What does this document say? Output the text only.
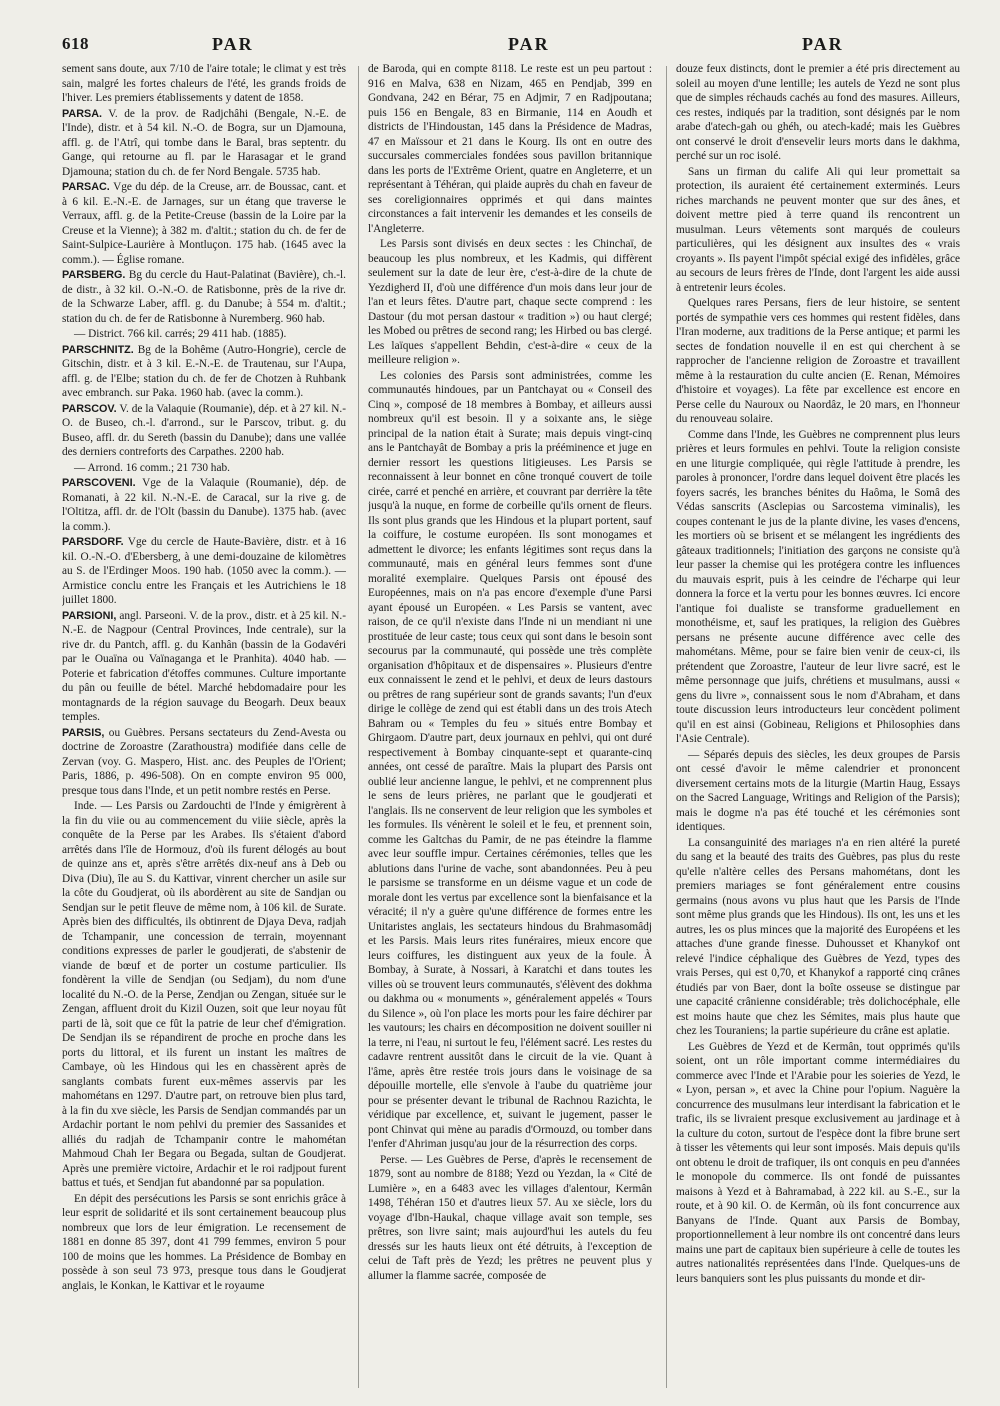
618	PAR	PAR	PAR

sement sans doute, aux 7/10 de l'aire totale; le climat y est très sain, malgré les fortes chaleurs de l'été, les grands froids de l'hiver. Les premiers établissements y datent de 1858.

PARSA. V. de la prov. de Radjchâhi (Bengale, N.-E. de l'Inde), distr. et à 54 kil. N.-O. de Bogra, sur un Djamouna, affl. g. de l'Atrî, qui tombe dans le Baral, bras septentr. du Gange, qui retourne au fl. par le Harasagar et le grand Djamouna; station du ch. de fer Nord Bengale. 5735 hab.

PARSAC. Vge du dép. de la Creuse, arr. de Boussac, cant. et à 6 kil. E.-N.-E. de Jarnages, sur un étang que traverse le Verraux, affl. g. de la Petite-Creuse (bassin de la Loire par la Creuse et la Vienne); à 382 m. d'altit.; station du ch. de fer de Saint-Sulpice-Laurière à Montluçon. 175 hab. (1645 avec la comm.). — Église romane.

PARSBERG. Bg du cercle du Haut-Palatinat (Bavière), ch.-l. de distr., à 32 kil. O.-N.-O. de Ratisbonne, près de la rive dr. de la Schwarze Laber, affl. g. du Danube; à 554 m. d'altit.; station du ch. de fer de Ratisbonne à Nuremberg. 960 hab.

— District. 766 kil. carrés; 29 411 hab. (1885).

PARSCHNITZ. Bg de la Bohême (Autro-Hongrie), cercle de Gitschin, distr. et à 3 kil. E.-N.-E. de Trautenau, sur l'Aupa, affl. g. de l'Elbe; station du ch. de fer de Chotzen à Ruhbank avec embranch. sur Paka. 1960 hab. (avec la comm.).

PARSCOV. V. de la Valaquie (Roumanie), dép. et à 27 kil. N.-O. de Buseo, ch.-l. d'arrond., sur le Parscov, tribut. g. du Buseo, affl. dr. du Sereth (bassin du Danube); dans une vallée des derniers contreforts des Carpathes. 2200 hab.

— Arrond. 16 comm.; 21 730 hab.

PARSCOVENI. Vge de la Valaquie (Roumanie), dép. de Romanati, à 22 kil. N.-N.-E. de Caracal, sur la rive g. de l'Oltitza, affl. dr. de l'Olt (bassin du Danube). 1375 hab. (avec la comm.).

PARSDORF. Vge du cercle de Haute-Bavière, distr. et à 16 kil. O.-N.-O. d'Ebersberg, à une demi-douzaine de kilomètres au S. de l'Erdinger Moos. 190 hab. (1050 avec la comm.). — Armistice conclu entre les Français et les Autrichiens le 18 juillet 1800.

PARSIONI, angl. Parseoni. V. de la prov., distr. et à 25 kil. N.-N.-E. de Nagpour (Central Provinces, Inde centrale), sur la rive dr. du Pantch, affl. g. du Kanhân (bassin de la Godavéri par le Ouaïna ou Vaïnaganga et le Pranhita). 4040 hab. — Poterie et fabrication d'étoffes communes. Culture importante du pân ou feuille de bétel. Marché hebdomadaire pour les montagnards de la région sauvage du Beogarh. Deux beaux temples.

PARSIS, ou Guèbres. Persans sectateurs du Zend-Avesta ou doctrine de Zoroastre (Zarathoustra) modifiée dans celle de Zervan (voy. G. Maspero, Hist. anc. des Peuples de l'Orient; Paris, 1886, p. 496-508). On en compte environ 95 000, presque tous dans l'Inde, et un petit nombre restés en Perse.

Inde. — Les Parsis ou Zardouchti de l'Inde y émigrèrent à la fin du viie ou au commencement du viiie siècle, après la conquête de la Perse par les Arabes. Ils s'étaient d'abord arrêtés dans l'île de Hormouz, d'où ils furent délogés au bout de quinze ans et, après s'être arrêtés dix-neuf ans à Deb ou Diva (Diu), île au S. du Kattivar, vinrent chercher un asile sur la côte du Goudjerat, où ils abordèrent au site de Sandjan ou Sendjan sur le petit fleuve de même nom, à 106 kil. de Surate. Après bien des difficultés, ils obtinrent de Djaya Deva, radjah de Tchampanir, une concession de terrain, moyennant conditions expresses de parler le goudjerati, de s'abstenir de viande de bœuf et de porter un costume particulier. Ils fondèrent la ville de Sendjan (ou Sedjam), du nom d'une localité du N.-O. de la Perse, Zendjan ou Zengan, située sur le Zengan, affluent droit du Kizil Ouzen, soit que leur noyau fût parti de là, soit que ce fût la patrie de leur chef d'émigration. De Sendjan ils se répandirent de proche en proche dans les ports du littoral, et ils furent un instant les maîtres de Cambaye, où les Hindous qui les en chassèrent après de sanglants combats furent eux-mêmes asservis par les mahométans en 1297. D'autre part, on retrouve bien plus tard, à la fin du xve siècle, les Parsis de Sendjan commandés par un Ardachir portant le nom pehlvi du premier des Sassanides et alliés du radjah de Tchampanir contre le mahométan Mahmoud Chah Ier Begara ou Begada, sultan de Goudjerat. Après une première victoire, Ardachir et le roi radjpout furent battus et tués, et Sendjan fut abandonné par sa population.

En dépit des persécutions les Parsis se sont enrichis grâce à leur esprit de solidarité et ils sont certainement beaucoup plus nombreux que lors de leur émigration. Le recensement de 1881 en donne 85 397, dont 41 799 femmes, environ 5 pour 100 de moins que les hommes. La Présidence de Bombay en possède à son seul 73 973, presque tous dans le Goudjerat anglais, le Konkan, le Kattivar et le royaume

de Baroda, qui en compte 8118. Le reste est un peu partout : 916 en Malva, 638 en Nizam, 465 en Pendjab, 399 en Gondvana, 242 en Bérar, 75 en Adjmir, 7 en Radjpoutana; puis 156 en Bengale, 83 en Birmanie, 114 en Aoudh et districts de l'Hindoustan, 145 dans la Présidence de Madras, 47 en Maïssour et 21 dans le Kourg. Ils ont en outre des succursales commerciales fondées sous pavillon britannique dans les ports de l'Extrême Orient, quatre en Angleterre, et un représentant à Téhéran, qui plaide auprès du chah en faveur de ses coreligionnaires opprimés et qui dans maintes circonstances a fait intervenir les demandes et les conseils de l'Angleterre.

Les Parsis sont divisés en deux sectes : les Chinchaï, de beaucoup les plus nombreux, et les Kadmis, qui diffèrent seulement sur la date de leur ère, c'est-à-dire de la chute de Yezdigherd II, d'où une différence d'un mois dans leur jour de l'an et leurs fêtes. D'autre part, chaque secte comprend : les Dastour (du mot persan dastour « tradition ») ou haut clergé; les Mobed ou prêtres de second rang; les Hirbed ou bas clergé. Les laïques s'appellent Behdin, c'est-à-dire « ceux de la meilleure religion ».

Les colonies des Parsis sont administrées, comme les communautés hindoues, par un Pantchayat ou « Conseil des Cinq », composé de 18 membres à Bombay, et ailleurs aussi nombreux qu'il est besoin. Il y a soixante ans, le siège principal de la nation était à Surate; mais depuis vingt-cinq ans le Pantchayât de Bombay a pris la prééminence et juge en dernier ressort les questions litigieuses. Les Parsis se reconnaissent à leur bonnet en cône tronqué couvert de toile cirée, carré et penché en arrière, et couvrant par derrière la tête jusqu'à la nuque, en forme de corbeille qu'ils ornent de fleurs. Ils sont plus grands que les Hindous et la plupart portent, sauf la coiffure, le costume européen. Ils sont monogames et admettent le divorce; les enfants légitimes sont reçus dans la communauté, mais en général leurs femmes sont d'une moralité exemplaire. Quelques Parsis ont épousé des Européennes, mais on n'a pas encore d'exemple d'une Parsi ayant épousé un Européen. « Les Parsis se vantent, avec raison, de ce qu'il n'existe dans l'Inde ni un mendiant ni une prostituée de leur caste; tous ceux qui sont dans le besoin sont secourus par la communauté, qui possède une très complète organisation d'hôpitaux et de dispensaires ». Plusieurs d'entre eux connaissent le zend et le pehlvi, et deux de leurs dastours ou prêtres de rang supérieur sont de grands savants; l'un d'eux dirige le collège de zend qui est établi dans un des trois Atech Bahram ou « Temples du feu » situés entre Bombay et Ghirgaom. D'autre part, deux journaux en pehlvi, qui ont duré respectivement à Bombay cinquante-sept et quarante-cinq années, ont cessé de paraître. Mais la plupart des Parsis ont oublié leur ancienne langue, le pehlvi, et ne comprennent plus le sens de leurs prières, ne parlant que le goudjerati et l'anglais. Ils ne conservent de leur religion que les symboles et les formules. Ils vénèrent le soleil et le feu, et prennent soin, comme les Galtchas du Pamir, de ne pas éteindre la flamme avec leur souffle impur. Certaines cérémonies, telles que les ablutions dans l'urine de vache, sont abandonnées. Peu à peu le parsisme se transforme en un déisme vague et un code de morale dont les vertus par excellence sont la bienfaisance et la véracité; il n'y a guère qu'une différence de formes entre les Unitaristes anglais, les sectateurs hindous du Brahmasomâdj et les Parsis. Mais leurs rites funéraires, mieux encore que leurs coiffures, les distinguent aux yeux de la foule. À Bombay, à Surate, à Nossari, à Karatchi et dans toutes les villes où se trouvent leurs communautés, s'élèvent des dokhma ou dakhma ou « monuments », généralement appelés « Tours du Silence », où l'on place les morts pour les faire déchirer par les vautours; les chairs en décomposition ne doivent souiller ni la terre, ni l'eau, ni surtout le feu, l'élément sacré. Les restes du cadavre rentrent aussitôt dans le circuit de la vie. Quant à l'âme, après être restée trois jours dans le voisinage de sa dépouille mortelle, elle s'envole à l'aube du quatrième jour pour se présenter devant le tribunal de Rachnou Razichta, le véridique par excellence, et, suivant le jugement, passer le pont Chinvat qui mène au paradis d'Ormouzd, ou tomber dans l'enfer d'Ahriman jusqu'au jour de la résurrection des corps.

Perse. — Les Guèbres de Perse, d'après le recensement de 1879, sont au nombre de 8188; Yezd ou Yezdan, la « Cité de Lumière », en a 6483 avec les villages d'alentour, Kermân 1498, Téhéran 150 et d'autres lieux 57. Au xe siècle, lors du voyage d'Ibn-Haukal, chaque village avait son temple, ses prêtres, son livre saint; mais aujourd'hui les autels du feu dressés sur les hauts lieux ont été détruits, à l'exception de celui de Taft près de Yezd; les prêtres ne peuvent plus y allumer la flamme sacrée, composée de

douze feux distincts, dont le premier a été pris directement au soleil au moyen d'une lentille; les autels de Yezd ne sont plus que de simples réchauds cachés au fond des masures. Ailleurs, ces restes, indiqués par la tradition, sont désignés par le nom arabe d'atech-gah ou ghéh, ou atech-kadé; mais les Guèbres ont conservé le droit d'ensevelir leurs morts dans le dakhma, perché sur un roc isolé.

Sans un firman du calife Ali qui leur promettait sa protection, ils auraient été certainement exterminés. Leurs riches marchands ne peuvent monter que sur des ânes, et doivent mettre pied à terre quand ils rencontrent un musulman. Leurs vêtements sont marqués de couleurs particulières, qui les désignent aux insultes des « vrais croyants ». Ils payent l'impôt spécial exigé des infidèles, grâce au secours de leurs frères de l'Inde, dont l'argent les aide aussi à entretenir leurs écoles.

Quelques rares Persans, fiers de leur histoire, se sentent portés de sympathie vers ces hommes qui restent fidèles, dans l'Iran moderne, aux traditions de la Perse antique; et parmi les sectes de fondation nouvelle il en est qui cherchent à se rapprocher de l'ancienne religion de Zoroastre et travaillent même à la restauration du culte ancien (E. Renan, Mémoires d'histoire et voyages). La fête par excellence est encore en Perse celle du Nauroux ou Naordâz, le 20 mars, en l'honneur du renouveau solaire.

Comme dans l'Inde, les Guèbres ne comprennent plus leurs prières et leurs formules en pehlvi. Toute la religion consiste en une liturgie compliquée, qui règle l'attitude à prendre, les paroles à prononcer, l'ordre dans lequel doivent être placés les foyers sacrés, les branches bénites du Haôma, le Somâ des Védas sanscrits (Asclepias ou Sarcostema viminalis), les coupes contenant le jus de la plante divine, les vases d'encens, les mortiers où se brisent et se mélangent les ingrédients des gâteaux traditionnels; l'initiation des garçons ne consiste qu'à leur passer la chemise qui les protégera contre les influences du mauvais esprit, puis à les ceindre de l'écharpe qui leur donnera la force et la vertu pour les bonnes œuvres. Ici encore l'antique foi dualiste se transforme graduellement en monothéisme, et, sauf les pratiques, la religion des Guèbres persans ne présente aucune différence avec celle des mahométans. Même, pour se faire bien venir de ceux-ci, ils prétendent que Zoroastre, l'auteur de leur livre sacré, est le même personnage que juifs, chrétiens et musulmans, aussi « gens du livre », connaissent sous le nom d'Abraham, et dans toute discussion leurs introducteurs leur concèdent poliment qu'il en est ainsi (Gobineau, Religions et Philosophies dans l'Asie Centrale).

— Séparés depuis des siècles, les deux groupes de Parsis ont cessé d'avoir le même calendrier et prononcent diversement certains mots de la liturgie (Martin Haug, Essays on the Sacred Language, Writings and Religion of the Parsis); mais le dogme n'a pas été touché et les cérémonies sont identiques.

La consanguinité des mariages n'a en rien altéré la pureté du sang et la beauté des traits des Guèbres, pas plus du reste qu'elle n'altère celles des Persans mahométans, dont les premiers mariages se font généralement entre cousins germains (nous avons vu plus haut que les Parsis de l'Inde sont même plus grands que les Hindous). Ils ont, les uns et les autres, les os plus minces que la majorité des Européens et les attaches d'une grande finesse. Duhousset et Khanykof ont relevé l'indice céphalique des Guèbres de Yezd, types des vrais Perses, qui est 0,70, et Khanykof a rapporté cinq crânes étudiés par von Baer, dont la boîte osseuse se distingue par une capacité crânienne considérable; très dolichocéphale, elle est moins haute que chez les Sémites, mais plus haute que chez les Touraniens; la partie supérieure du crâne est aplatie.

Les Guèbres de Yezd et de Kermân, tout opprimés qu'ils soient, ont un rôle important comme intermédiaires du commerce avec l'Inde et l'Arabie pour les soieries de Yezd, le « Lyon, persan », et avec la Chine pour l'opium. Naguère la concurrence des musulmans leur interdisant la fabrication et le trafic, ils se livraient presque exclusivement au jardinage et à la culture du coton, surtout de l'espèce dont la fibre brune sert à tisser les vêtements qui leur sont imposés. Mais depuis qu'ils ont obtenu le droit de trafiquer, ils ont conquis en peu d'années le monopole du commerce. Ils ont fondé de puissantes maisons à Yezd et à Bahramabad, à 222 kil. au S.-E., sur la route, et à 90 kil. O. de Kermân, où ils font concurrence aux Banyans de l'Inde. Quant aux Parsis de Bombay, proportionnellement à leur nombre ils ont concentré dans leurs mains une part de capitaux bien supérieure à celle de toutes les autres nationalités représentées dans l'Inde. Quelques-uns de leurs banquiers sont les plus puissants du monde et dir-
